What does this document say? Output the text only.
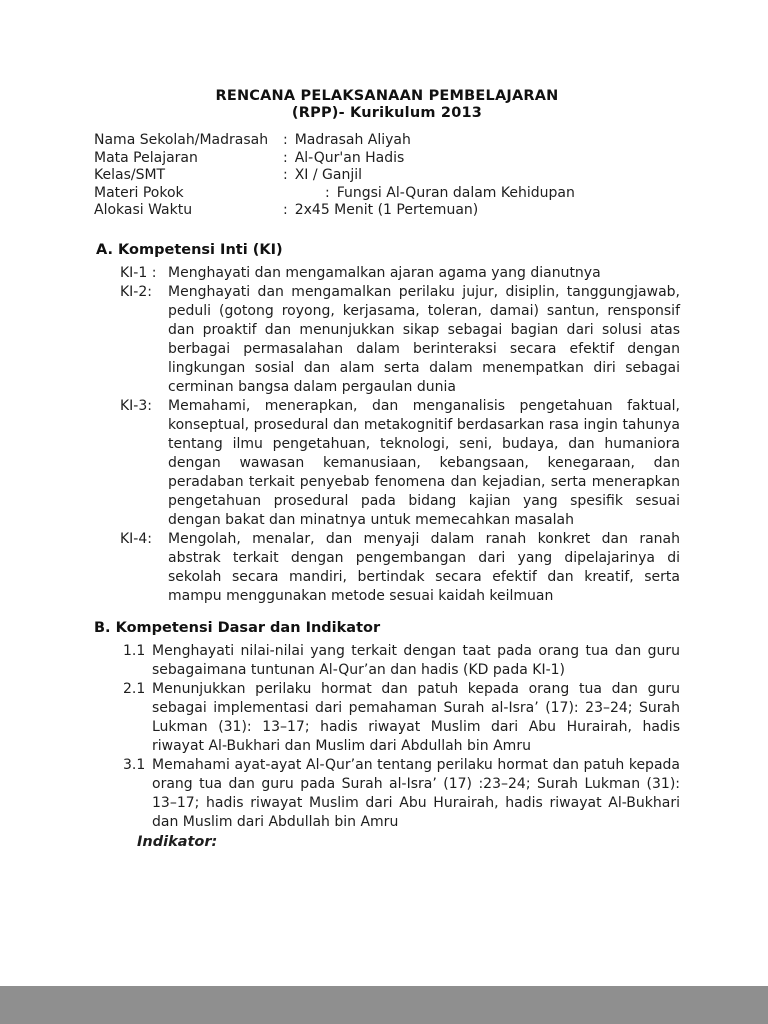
RENCANA PELAKSANAAN PEMBELAJARAN
(RPP)- Kurikulum 2013
Nama Sekolah/Madrasah	: Madrasah Aliyah
Mata Pelajaran	: Al-Qur'an Hadis
Kelas/SMT	: XI / Ganjil
Materi Pokok	: Fungsi Al-Quran dalam Kehidupan
Alokasi Waktu	: 2x45 Menit (1 Pertemuan)
A. Kompetensi Inti (KI)
KI-1 : Menghayati dan mengamalkan ajaran agama yang dianutnya
KI-2:	Menghayati dan mengamalkan perilaku jujur, disiplin, tanggungjawab, peduli (gotong royong, kerjasama, toleran, damai) santun, rensponsif dan proaktif dan menunjukkan sikap sebagai bagian dari solusi atas berbagai permasalahan dalam berinteraksi secara efektif dengan lingkungan sosial dan alam serta dalam menempatkan diri sebagai cerminan bangsa dalam pergaulan dunia
KI-3:	Memahami, menerapkan, dan menganalisis pengetahuan faktual, konseptual, prosedural dan metakognitif berdasarkan rasa ingin tahunya tentang ilmu pengetahuan, teknologi, seni, budaya, dan humaniora dengan wawasan kemanusiaan, kebangsaan, kenegaraan, dan peradaban terkait penyebab fenomena dan kejadian, serta menerapkan pengetahuan prosedural pada bidang kajian yang spesifik sesuai dengan bakat dan minatnya untuk memecahkan masalah
KI-4:	Mengolah, menalar, dan menyaji dalam ranah konkret dan ranah abstrak terkait dengan pengembangan dari yang dipelajarinya di sekolah secara mandiri, bertindak secara efektif dan kreatif, serta mampu menggunakan metode sesuai kaidah keilmuan
B. Kompetensi Dasar dan Indikator
1.1 Menghayati nilai-nilai yang terkait dengan taat pada orang tua dan guru sebagaimana tuntunan Al-Qur’an dan hadis (KD pada KI-1)
2.1 Menunjukkan perilaku hormat dan patuh kepada orang tua dan guru sebagai implementasi dari pemahaman Surah al-Isra’ (17): 23–24; Surah Lukman (31): 13–17; hadis riwayat Muslim dari Abu Hurairah, hadis riwayat Al-Bukhari dan Muslim dari Abdullah bin Amru
3.1 Memahami ayat-ayat Al-Qur’an tentang perilaku hormat dan patuh kepada orang tua dan guru pada Surah al-Isra’ (17) :23–24; Surah Lukman (31): 13–17; hadis riwayat Muslim dari Abu Hurairah, hadis riwayat Al-Bukhari dan Muslim dari Abdullah bin Amru
Indikator:
